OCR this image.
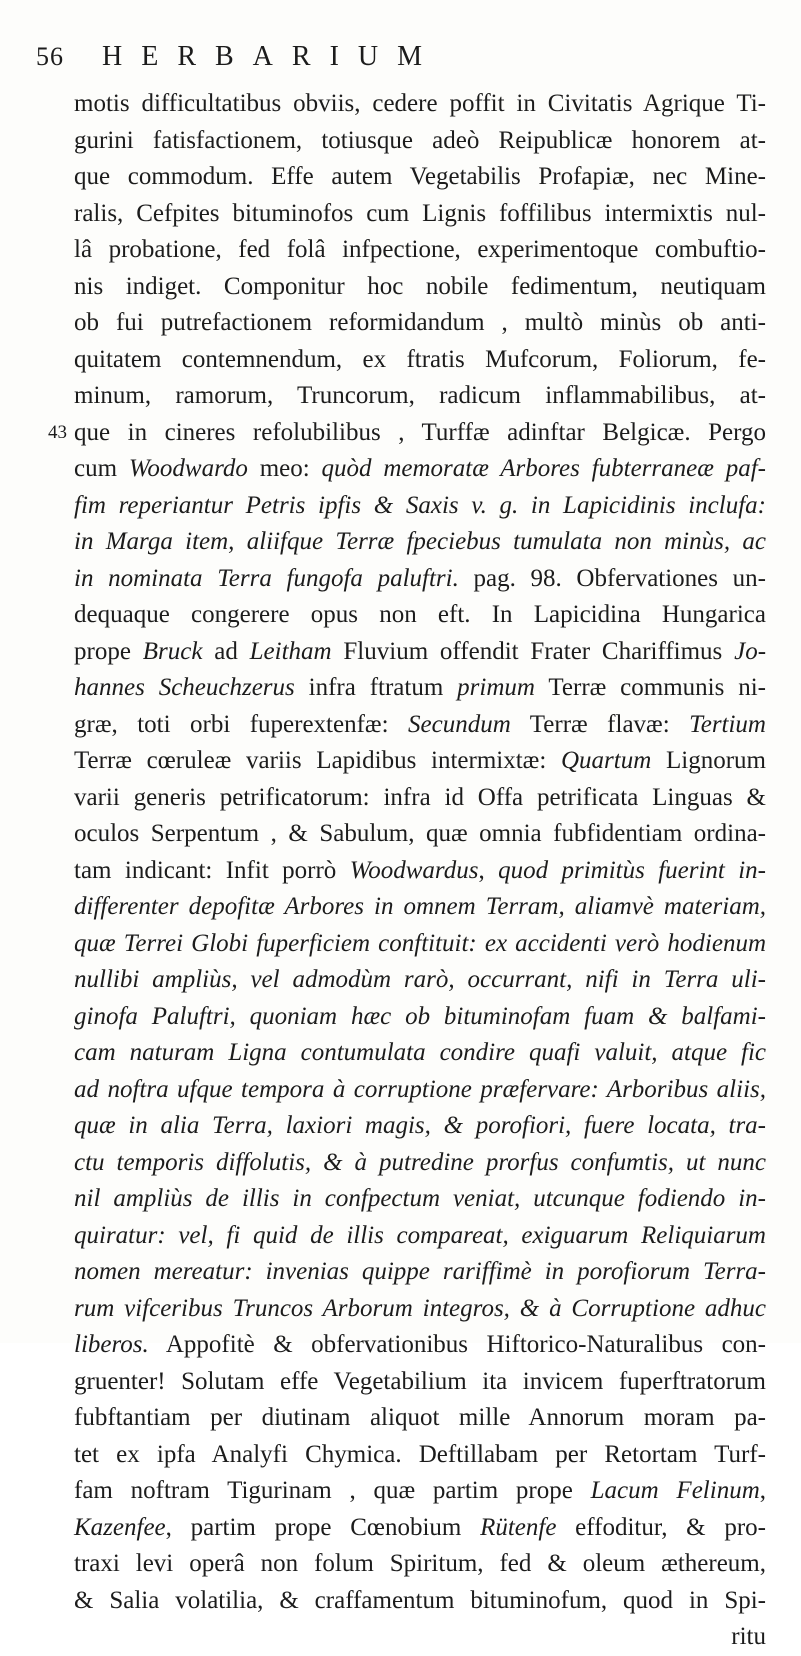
56 HERBARIUM
motis difficultatibus obviis, cedere poffit in Civitatis Agrique Ti-
gurini fatisfactionem, totiusque adeò Reipublicæ honorem at-
que commodum. Effe autem Vegetabilis Profapiæ, nec Mine-
ralis, Cefpites bituminofos cum Lignis foffilibus intermixtis nul-
lâ probatione, fed folâ infpectione, experimentoque combuftio-
nis indiget. Componitur hoc nobile fedimentum, neutiquam
ob fui putrefactionem reformidandum , multò minùs ob anti-
quitatem contemnendum, ex ftratis Mufcorum, Foliorum, fe-
minum, ramorum, Truncorum, radicum inflammabilibus, at-
43 que in cineres refolubilibus , Turffæ adinftar Belgicæ. Pergo
cum Woodwardo meo: quòd memoratæ Arbores fubterraneæ paf-
fim reperiantur Petris ipfis & Saxis v. g. in Lapicidinis inclufa:
in Marga item, aliifque Terræ fpeciebus tumulata non minùs, ac
in nominata Terra fungofa paluftri. pag. 98. Obfervationes un-
dequaque congerere opus non eft. In Lapicidina Hungarica
prope Bruck ad Leitham Fluvium offendit Frater Chariffimus Jo-
hannes Scheuchzerus infra ftratum primum Terræ communis ni-
græ, toti orbi fuperextenfæ: Secundum Terræ flavæ: Tertium
Terræ cœruleæ variis Lapidibus intermixtæ: Quartum Lignorum
varii generis petrificatorum: infra id Offa petrificata Linguas &
oculos Serpentum , & Sabulum, quæ omnia fubfidentiam ordina-
tam indicant: Infit porrò Woodwardus, quod primitùs fuerint in-
differenter depofitæ Arbores in omnem Terram, aliamvè materiam,
quæ Terrei Globi fuperficiem conftituit: ex accidenti verò hodienum
nullibi ampliùs, vel admodùm rarò, occurrant, nifi in Terra uli-
ginofa Paluftri, quoniam hæc ob bituminofam fuam & balfami-
cam naturam Ligna contumulata condire quafi valuit, atque fic
ad noftra ufque tempora à corruptione præfervare: Arboribus aliis,
quæ in alia Terra, laxiori magis, & porofiori, fuere locata, tra-
ctu temporis diffolutis, & à putredine prorfus confumtis, ut nunc
nil ampliùs de illis in confpectum veniat, utcunque fodiendo in-
quiratur: vel, fi quid de illis compareat, exiguarum Reliquiarum
nomen mereatur: invenias quippe rariffimè in porofiorum Terra-
rum vifceribus Truncos Arborum integros, & à Corruptione adhuc
liberos. Appofitè & obfervationibus Hiftorico-Naturalibus con-
gruenter! Solutam effe Vegetabilium ita invicem fuperftratorum
fubftantiam per diutinam aliquot mille Annorum moram pa-
tet ex ipfa Analyfi Chymica. Deftillabam per Retortam Turf-
fam noftram Tigurinam , quæ partim prope Lacum Felinum,
Kazenfee, partim prope Cœnobium Rütenfe effoditur, & pro-
traxi levi operâ non folum Spiritum, fed & oleum æthereum,
& Salia volatilia, & craffamentum bituminofum, quod in Spi-
ritu
